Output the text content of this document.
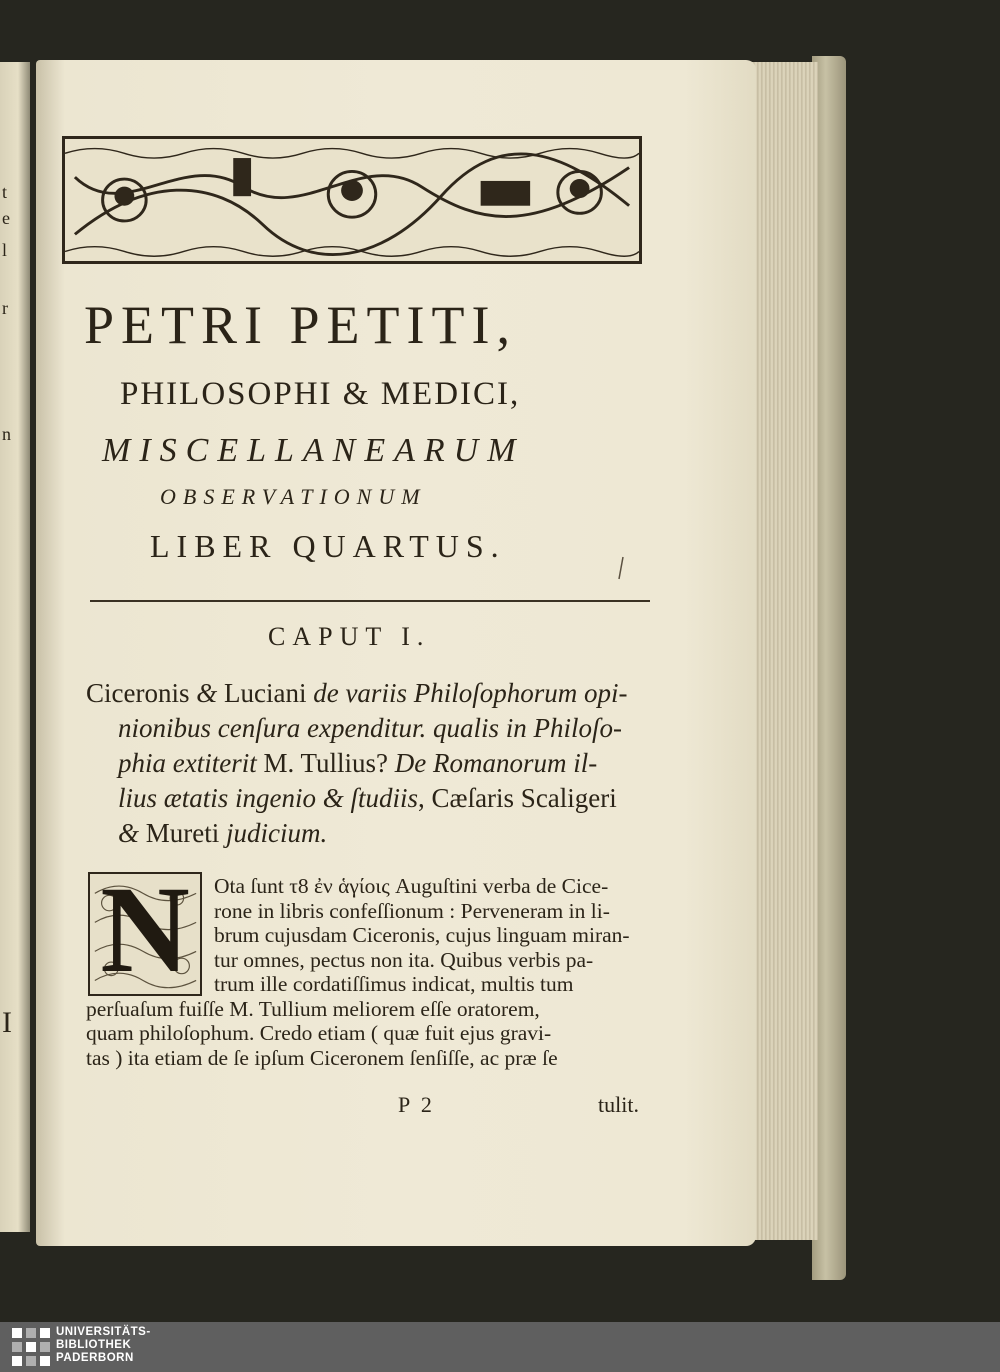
t
e
l
r
n
I
PETRI PETITI,
PHILOSOPHI & MEDICI,
MISCELLANEARUM
OBSERVATIONUM
LIBER QUARTUS.
CAPUT I.
Ciceronis & Luciani de variis Philoſophorum opi-
nionibus cenſura expenditur. qualis in Philoſo-
phia extiterit M. Tullius? De Romanorum il-
lius ætatis ingenio & ſtudiis, Cæſaris Scaligeri
& Mureti judicium.
N	Ota ſunt τ8 ἐν ἁγίοις Auguſtini verba de Cice-
rone in libris confeſſionum : Perveneram in li-
brum cujusdam Ciceronis, cujus linguam miran-
tur omnes, pectus non ita. Quibus verbis pa-
trum ille cordatiſſimus indicat, multis tum
perſuaſum fuiſſe M. Tullium meliorem eſſe oratorem,
quam philoſophum. Credo etiam ( quæ fuit ejus gravi-
tas ) ita etiam de ſe ipſum Ciceronem ſenſiſſe, ac præ ſe
P 2	tulit.
UNIVERSITÄTS-
BIBLIOTHEK
PADERBORN
